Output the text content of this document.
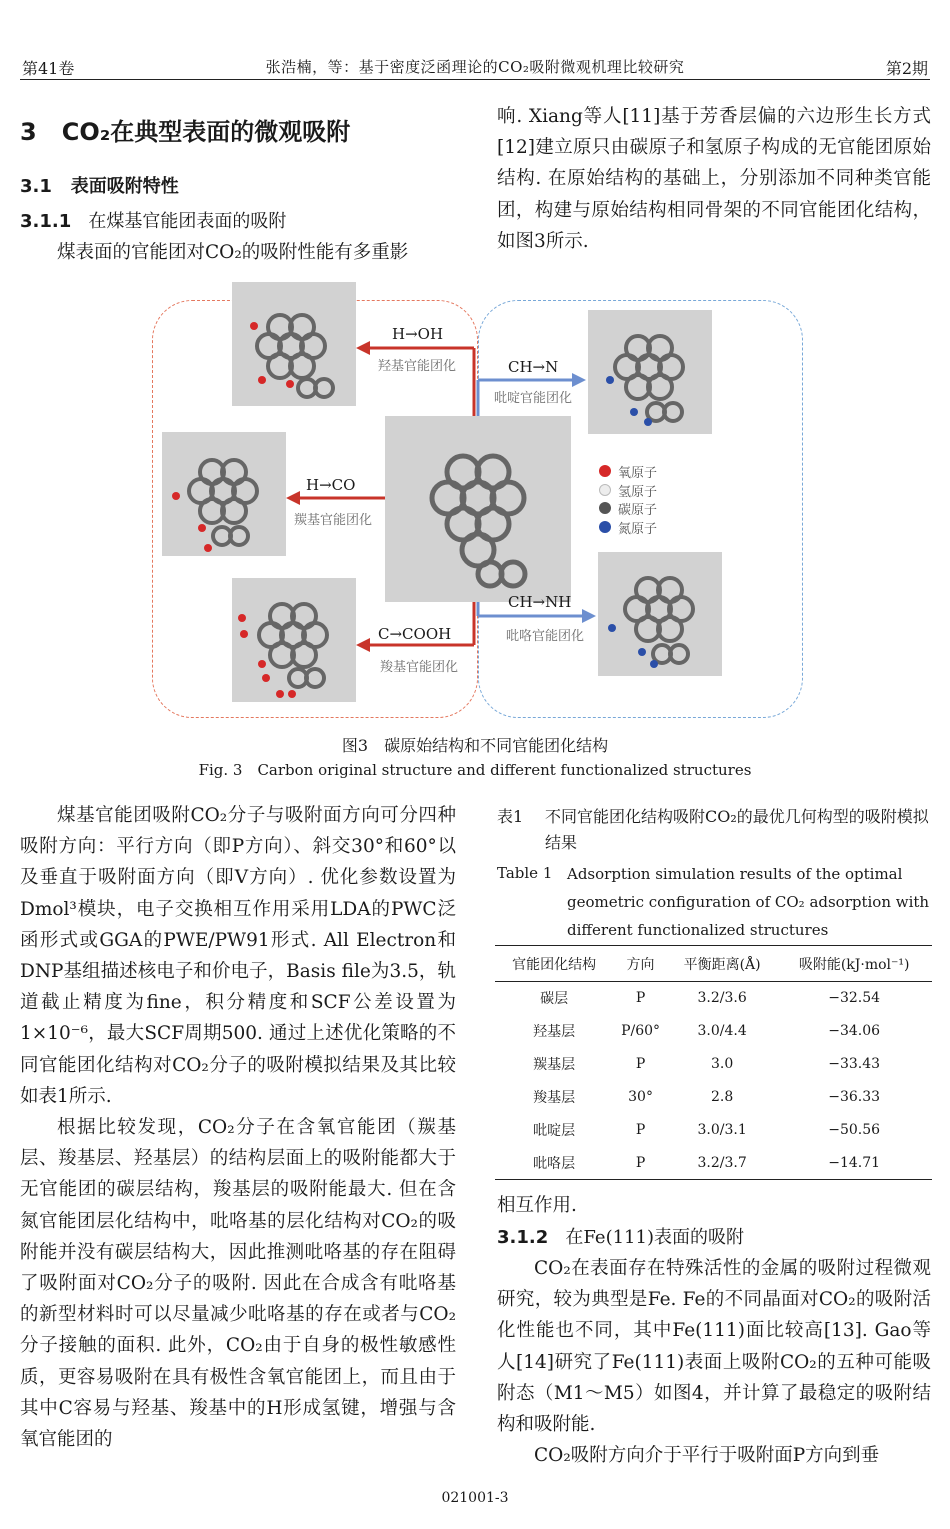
第41卷	张浩楠，等：基于密度泛函理论的CO₂吸附微观机理比较研究	第2期
3 CO₂在典型表面的微观吸附
3.1 表面吸附特性
3.1.1 在煤基官能团表面的吸附

煤表面的官能团对CO₂的吸附性能有多重影

响. Xiang等人[11]基于芳香层偏的六边形生长方式[12]建立原只由碳原子和氢原子构成的无官能团原始结构. 在原始结构的基础上，分别添加不同种类官能团，构建与原始结构相同骨架的不同官能团化结构，如图3所示.

H→OH
羟基官能团化
H→CO
羰基官能团化
C→COOH
羧基官能团化
CH→N
吡啶官能团化
CH→NH
吡咯官能团化
氧原子
氢原子
碳原子
氮原子
图3　碳原始结构和不同官能团化结构
Fig. 3　Carbon original structure and different functionalized structures

煤基官能团吸附CO₂分子与吸附面方向可分四种吸附方向：平行方向（即P方向）、斜交30°和60°以及垂直于吸附面方向（即V方向）. 优化参数设置为Dmol³模块，电子交换相互作用采用LDA的PWC泛函形式或GGA的PWE/PW91形式. All Electron和DNP基组描述核电子和价电子，Basis file为3.5，轨道截止精度为fine，积分精度和SCF公差设置为1×10⁻⁶，最大SCF周期500. 通过上述优化策略的不同官能团化结构对CO₂分子的吸附模拟结果及其比较如表1所示.

根据比较发现，CO₂分子在含氧官能团（羰基层、羧基层、羟基层）的结构层面上的吸附能都大于无官能团的碳层结构，羧基层的吸附能最大. 但在含氮官能团层化结构中，吡咯基的层化结构对CO₂的吸附能并没有碳层结构大，因此推测吡咯基的存在阻碍了吸附面对CO₂分子的吸附. 因此在合成含有吡咯基的新型材料时可以尽量减少吡咯基的存在或者与CO₂分子接触的面积. 此外，CO₂由于自身的极性敏感性质，更容易吸附在具有极性含氧官能团上，而且由于其中C容易与羟基、羧基中的H形成氢键，增强与含氧官能团的

表1	不同官能团化结构吸附CO₂的最优几何构型的吸附模拟结果
Table 1 Adsorption simulation results of the optimal geometric configuration of CO₂ adsorption with different functionalized structures
官能团化结构	方向	平衡距离(Å)	吸附能(kJ·mol⁻¹)
碳层	P	3.2/3.6	−32.54
羟基层	P/60°	3.0/4.4	−34.06
羰基层	P	3.0	−33.43
羧基层	30°	2.8	−36.33
吡啶层	P	3.0/3.1	−50.56
吡咯层	P	3.2/3.7	−14.71

相互作用.

3.1.2 在Fe(111)表面的吸附

CO₂在表面存在特殊活性的金属的吸附过程微观研究，较为典型是Fe. Fe的不同晶面对CO₂的吸附活化性能也不同，其中Fe(111)面比较高[13]. Gao等人[14]研究了Fe(111)表面上吸附CO₂的五种可能吸附态（M1～M5）如图4，并计算了最稳定的吸附结构和吸附能.

CO₂吸附方向介于平行于吸附面P方向到垂

021001-3
